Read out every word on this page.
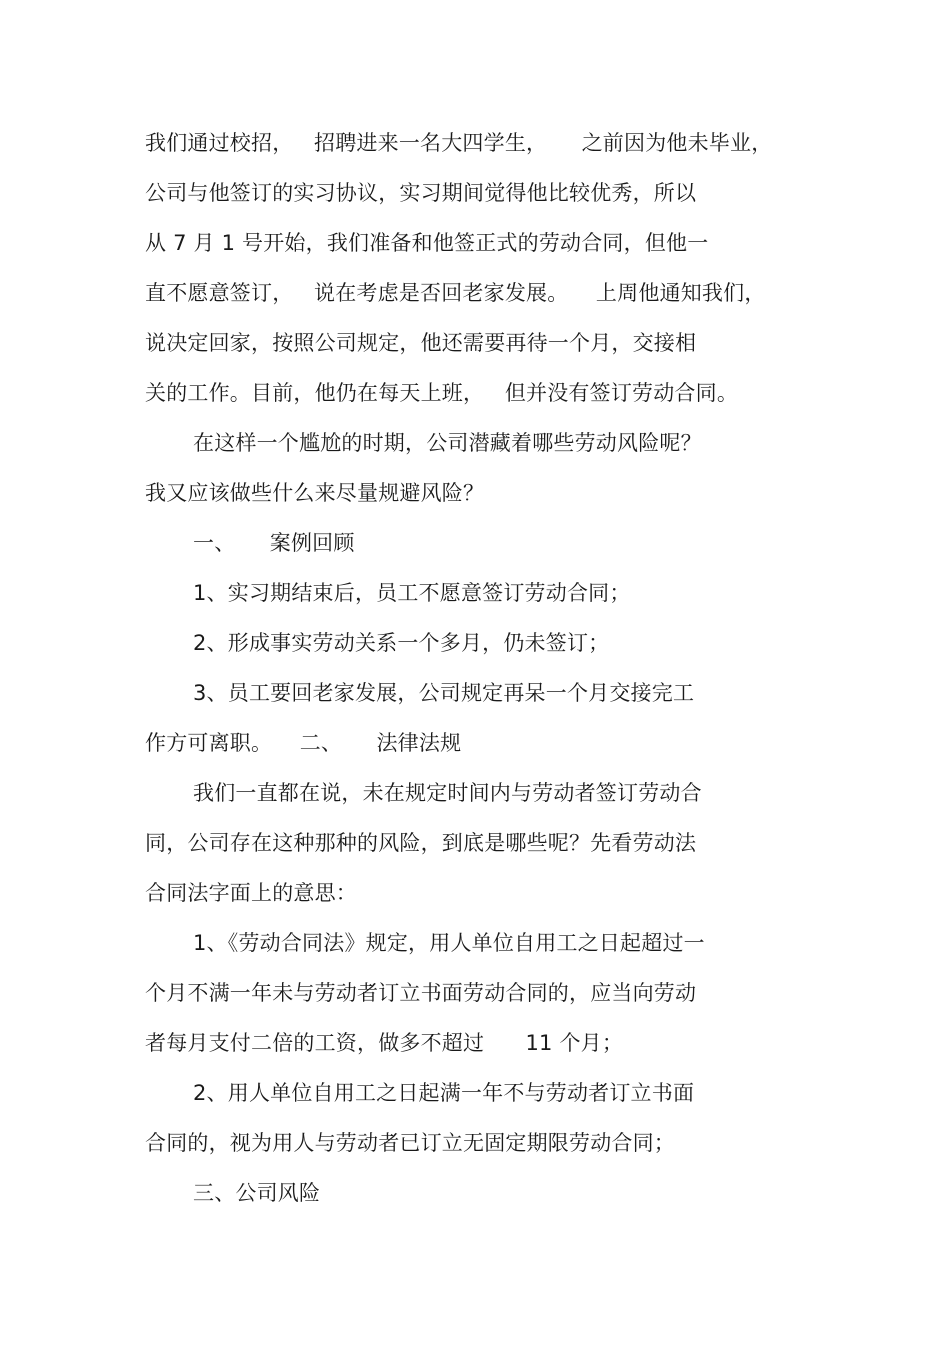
我们通过校招，   招聘进来一名大四学生，     之前因为他未毕业，
公司与他签订的实习协议，实习期间觉得他比较优秀，所以
从 7 月 1 号开始，我们准备和他签正式的劳动合同，但他一
直不愿意签订，   说在考虑是否回老家发展。    上周他通知我们，
说决定回家，按照公司规定，他还需要再待一个月，交接相
关的工作。目前，他仍在每天上班，   但并没有签订劳动合同。
在这样一个尴尬的时期，公司潜藏着哪些劳动风险呢？
我又应该做些什么来尽量规避风险？
一、     案例回顾
1、实习期结束后，员工不愿意签订劳动合同；
2、形成事实劳动关系一个多月，仍未签订；
3、员工要回老家发展，公司规定再呆一个月交接完工
作方可离职。    二、     法律法规
我们一直都在说，未在规定时间内与劳动者签订劳动合
同，公司存在这种那种的风险，到底是哪些呢？先看劳动法
合同法字面上的意思：
1、《劳动合同法》规定，用人单位自用工之日起超过一
个月不满一年未与劳动者订立书面劳动合同的，应当向劳动
者每月支付二倍的工资，做多不超过      11 个月；
2、用人单位自用工之日起满一年不与劳动者订立书面
合同的，视为用人与劳动者已订立无固定期限劳动合同；
三、公司风险
